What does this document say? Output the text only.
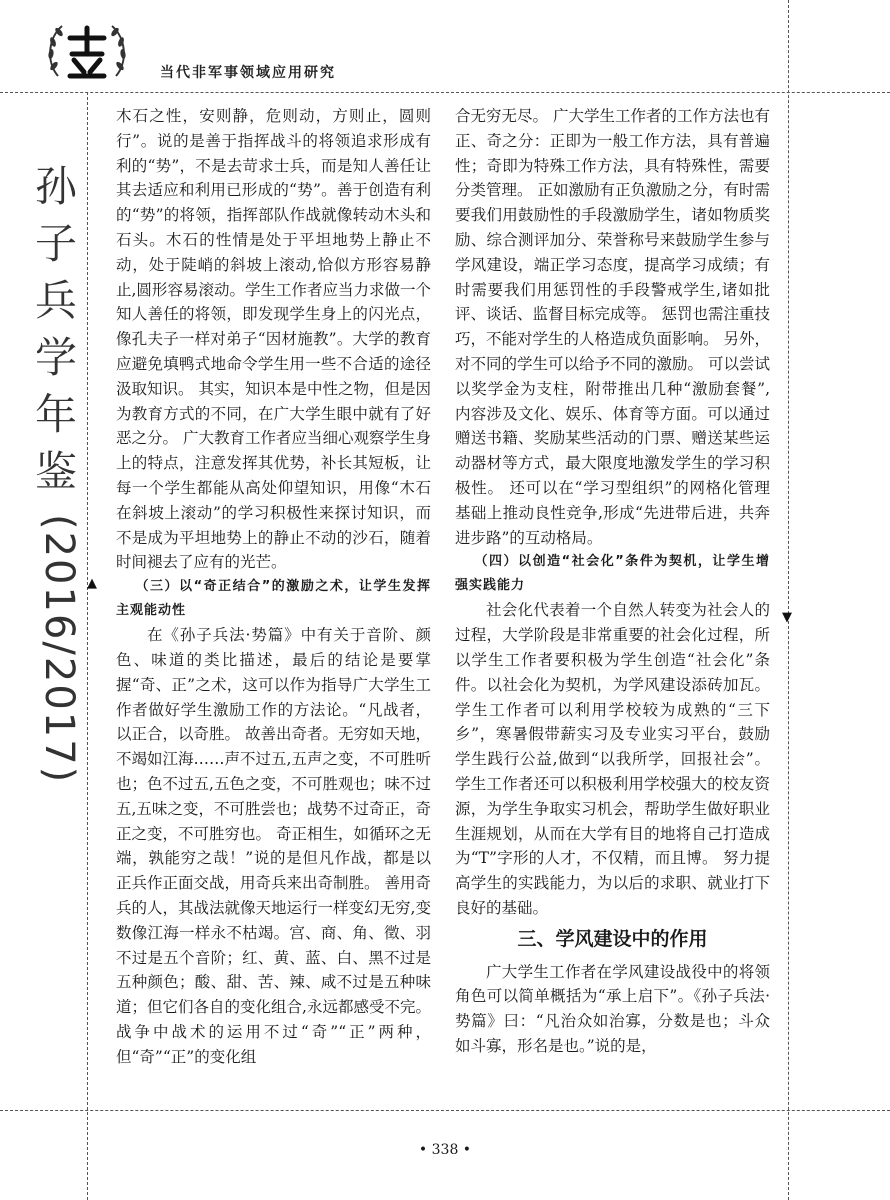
当代非军事领域应用研究
孙
子
兵
学
年
鉴
(2016/2017) ▲
▼

木石之性，安则静，危则动，方则止，圆则行”。说的是善于指挥战斗的将领追求形成有利的“势”，不是去苛求士兵，而是知人善任让其去适应和利用已形成的“势”。善于创造有利的“势”的将领，指挥部队作战就像转动木头和石头。木石的性情是处于平坦地势上静止不动，处于陡峭的斜坡上滚动,恰似方形容易静止,圆形容易滚动。学生工作者应当力求做一个知人善任的将领，即发现学生身上的闪光点，像孔夫子一样对弟子“因材施教”。大学的教育应避免填鸭式地命令学生用一些不合适的途径汲取知识。 其实，知识本是中性之物，但是因为教育方式的不同，在广大学生眼中就有了好恶之分。 广大教育工作者应当细心观察学生身上的特点，注意发挥其优势，补长其短板，让每一个学生都能从高处仰望知识，用像“木石在斜坡上滚动”的学习积极性来探讨知识，而不是成为平坦地势上的静止不动的沙石，随着时间褪去了应有的光芒。

（三）以“奇正结合”的激励之术，让学生发挥主观能动性

在《孙子兵法·势篇》中有关于音阶、颜色、味道的类比描述，最后的结论是要掌握“奇、正”之术，这可以作为指导广大学生工作者做好学生激励工作的方法论。“凡战者，以正合，以奇胜。 故善出奇者。无穷如天地，不竭如江海……声不过五,五声之变，不可胜听也；色不过五,五色之变，不可胜观也；味不过五,五味之变，不可胜尝也；战势不过奇正，奇正之变，不可胜穷也。 奇正相生，如循环之无端，孰能穷之哉！”说的是但凡作战，都是以正兵作正面交战，用奇兵来出奇制胜。 善用奇兵的人，其战法就像天地运行一样变幻无穷,变数像江海一样永不枯竭。宫、商、角、徵、羽不过是五个音阶；红、黄、蓝、白、黑不过是五种颜色；酸、甜、苦、辣、咸不过是五种味道；但它们各自的变化组合,永远都感受不完。战争中战术的运用不过“奇”“正”两种，但“奇”“正”的变化组

合无穷无尽。 广大学生工作者的工作方法也有正、奇之分：正即为一般工作方法，具有普遍性；奇即为特殊工作方法，具有特殊性，需要分类管理。 正如激励有正负激励之分，有时需要我们用鼓励性的手段激励学生，诸如物质奖励、综合测评加分、荣誉称号来鼓励学生参与学风建设，端正学习态度，提高学习成绩；有时需要我们用惩罚性的手段警戒学生,诸如批评、谈话、监督目标完成等。 惩罚也需注重技巧，不能对学生的人格造成负面影响。 另外，对不同的学生可以给予不同的激励。 可以尝试以奖学金为支柱，附带推出几种“激励套餐”,内容涉及文化、娱乐、体育等方面。可以通过赠送书籍、奖励某些活动的门票、赠送某些运动器材等方式，最大限度地激发学生的学习积极性。 还可以在“学习型组织”的网格化管理基础上推动良性竞争,形成“先进带后进，共奔进步路”的互动格局。

（四）以创造“社会化”条件为契机，让学生增强实践能力

社会化代表着一个自然人转变为社会人的过程，大学阶段是非常重要的社会化过程，所以学生工作者要积极为学生创造“社会化”条件。以社会化为契机，为学风建设添砖加瓦。 学生工作者可以利用学校较为成熟的“三下乡”，寒暑假带薪实习及专业实习平台，鼓励学生践行公益,做到“以我所学，回报社会”。 学生工作者还可以积极利用学校强大的校友资源，为学生争取实习机会，帮助学生做好职业生涯规划，从而在大学有目的地将自己打造成为“T”字形的人才，不仅精，而且博。 努力提高学生的实践能力，为以后的求职、就业打下良好的基础。

三、学风建设中的作用

广大学生工作者在学风建设战役中的将领角色可以简单概括为“承上启下”。《孙子兵法·势篇》曰：“凡治众如治寡，分数是也；斗众如斗寡，形名是也。”说的是，

• 338 •
